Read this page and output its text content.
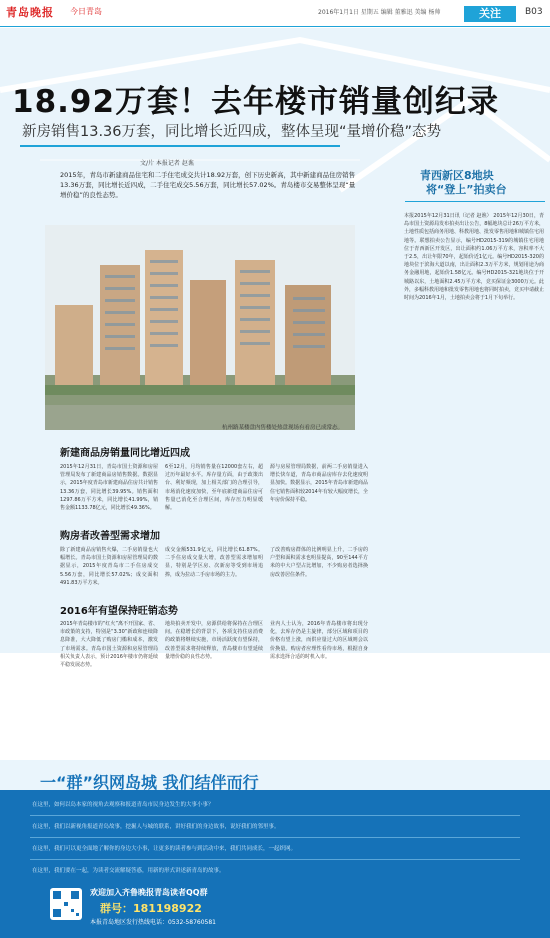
青岛晚报 今日青岛	2016年1月1日 星期五 编辑 董雅迅 美编 杨帅	关注	B03
18.92万套！去年楼市销量创纪录
新房销售13.36万套，同比增长近四成，整体呈现“量增价稳”态势
文/片 本报记者 赵谯
2015年，青岛市新建商品住宅和二手住宅成交共计18.92万套，创下历史新高，其中新建商品住房销售13.36万套，同比增长近四成，二手住宅成交5.56万套，同比增长57.02%。青岛楼市交易整体呈现“量增价稳”的良性态势。
杭州路某楼盘内售楼处热盘现场有看房已成常态。
青西新区8地块
将“登上”拍卖台
本报2015年12月31日讯（记者 赵谯） 2015年12月30日，青岛市国土资源局发布拍卖出让公告，8幅地块总计26万平方米，土地性质包括商务用地、科教用地、批发零售用地和城镇住宅用地等。联想拍卖公告显示，编号HD2015-319的城镇住宅用地位于青西新区开发区，出让面积约1.06万平方米，容积率不大于2.5，出让年限70年，起始价近1亿元。编号HD2015-320的地块位于滨海大道以南，出让面积2.3万平方米，规划用途为商务金融用地，起始价1.58亿元。编号HD2015-321地块位于开城路以东，土地面积2.45万平方米，竞买保证金3000万元。此外，多幅科教用地和批发零售用地也将同时拍卖，竞买申请截止时间为2016年1月，土地拍卖会将于1月下旬举行。
新建商品房销量同比增近四成
2015年12月31日，青岛市国土资源和房屋管理局发布了新建商品房销售数据。数据显示，2015年度青岛市新建商品住房共计销售13.36万套，同比增长39.95%。销售面积1297.86万平方米，同比增长41.99%，销售金额1133.78亿元，同比增长49.36%。
6至12月，月均销售量在12000套左右，超过历年最好水平。库存量方面，由于政策出台、利好频现，加上相关部门的合理引导，市场消化速度加快，至年底新建商品住房可售量已消化至合理区间，库存压力明显缓解。
源与房屋管理局数据，前两二手房销量进入增长快车道，青岛市商品房库存去化速度明显加快。数据显示，2015年青岛市新建商品住宅销售面积较2014年有较大幅度增长，全年房价保持平稳。
购房者改善型需求增加
除了新建商品房销售火爆，二手房销量也大幅增长。青岛市国土资源和房屋管理局的数据显示，2015年度青岛市二手住房成交5.56万套，同比增长57.02%；成交面积491.83万平方米。
成交金额531.9亿元，同比增长61.87%。二手住房成交量大增，改善型需求增加明显，特别是学区房、次新房等受到市场追捧，成为拉动二手房市场的主力。
了改善购房群体的比例明显上升，二手房的户型和面积需求也明显提高，90至144平方米的中大户型占比增加，不少购房者选择换房改善居住条件。
2016年有望保持旺销态势
2015年青岛楼市的“红火”离不开国家、省、市政策的支持，特别是“3.30”新政和连续降息降准，大大降低了购房门槛和成本，激发了市场需求。青岛市国土资源和房屋管理局相关负责人表示，预计2016年楼市仍将延续平稳发展态势。
地块拍卖开发中，房源供给将保持在合理区间。在稳增长的背景下，各项支持住房消费的政策将继续实施，市场活跃度有望保持，改善型需求将持续释放，青岛楼市有望延续量增价稳的良性态势。
业内人士认为，2016年青岛楼市将出现分化，去库存仍是主旋律，部分区域和项目的价格有望上涨，而供应量过大的区域则会以价换量。购房者应理性看待市场，根据自身需求选择合适的时机入市。
一“群”织网岛城 我们结伴而行
在这里，如何以岛本家的视角去观察和报道青岛市民身边发生的大事小事？
在这里，我们以新视角报道青岛故事，挖掘人与城的联系，讲好我们的身边故事，说好我们的邻里事。
在这里，我们可以更全面地了解你的身边大小事，让更多的读者参与到活动中来，我们共同成长，一起织网。
在这里，我们要在一起，为读者交流解疑答惑，用新的形式讲述新青岛的故事。
欢迎加入齐鲁晚报青岛读者QQ群
群号：181198922
本报青岛地区发行热线电话：0532-58760581
